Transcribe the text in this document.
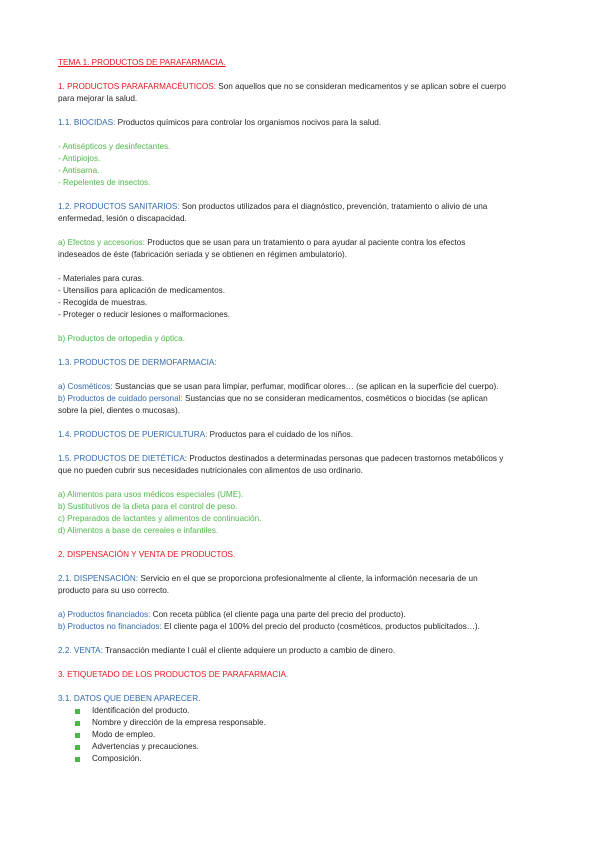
TEMA 1. PRODUCTOS DE PARAFARMACIA.

1. PRODUCTOS PARAFARMACÉUTICOS: Son aquellos que no se consideran medicamentos y se aplican sobre el cuerpo

para mejorar la salud.

1.1. BIOCIDAS: Productos químicos para controlar los organismos nocivos para la salud.

- Antisépticos y desinfectantes.

- Antipiojos.

- Antisarna.

- Repelentes de insectos.

1.2. PRODUCTOS SANITARIOS: Son productos utilizados para el diagnóstico, prevención, tratamiento o alivio de una

enfermedad, lesión o discapacidad.

a) Efectos y accesorios: Productos que se usan para un tratamiento o para ayudar al paciente contra los efectos

indeseados de éste (fabricación seriada y se obtienen en régimen ambulatorio).

- Materiales para curas.

- Utensilios para aplicación de medicamentos.

- Recogida de muestras.

- Proteger o reducir lesiones o malformaciones.

b) Productos de ortopedia y óptica.

1.3. PRODUCTOS DE DERMOFARMACIA:

a) Cosméticos: Sustancias que se usan para limpiar, perfumar, modificar olores… (se aplican en la superficie del cuerpo).

b) Productos de cuidado personal: Sustancias que no se consideran medicamentos, cosméticos o biocidas (se aplican

sobre la piel, dientes o mucosas).

1.4. PRODUCTOS DE PUERICULTURA: Productos para el cuidado de los niños.

1.5. PRODUCTOS DE DIETÉTICA: Productos destinados a determinadas personas que padecen trastornos metabólicos y

que no pueden cubrir sus necesidades nutricionales con alimentos de uso ordinario.

a) Alimentos para usos médicos especiales (UME).

b) Sustitutivos de la dieta para el control de peso.

c) Preparados de lactantes y alimentos de continuación.

d) Alimentos a base de cereales e infantiles.

2. DISPENSACIÓN Y VENTA DE PRODUCTOS.

2.1. DISPENSACIÓN: Servicio en el que se proporciona profesionalmente al cliente, la información necesaria de un

producto para su uso correcto.

a) Productos financiados: Con receta pública (el cliente paga una parte del precio del producto).

b) Productos no financiados: El cliente paga el 100% del precio del producto (cosméticos, productos publicitados…).

2.2. VENTA: Transacción mediante l cuál el cliente adquiere un producto a cambio de dinero.

3. ETIQUETADO DE LOS PRODUCTOS DE PARAFARMACIA.

3.1. DATOS QUE DEBEN APARECER.

Identificación del producto.
Nombre y dirección de la empresa responsable.
Modo de empleo.
Advertencias y precauciones.
Composición.
